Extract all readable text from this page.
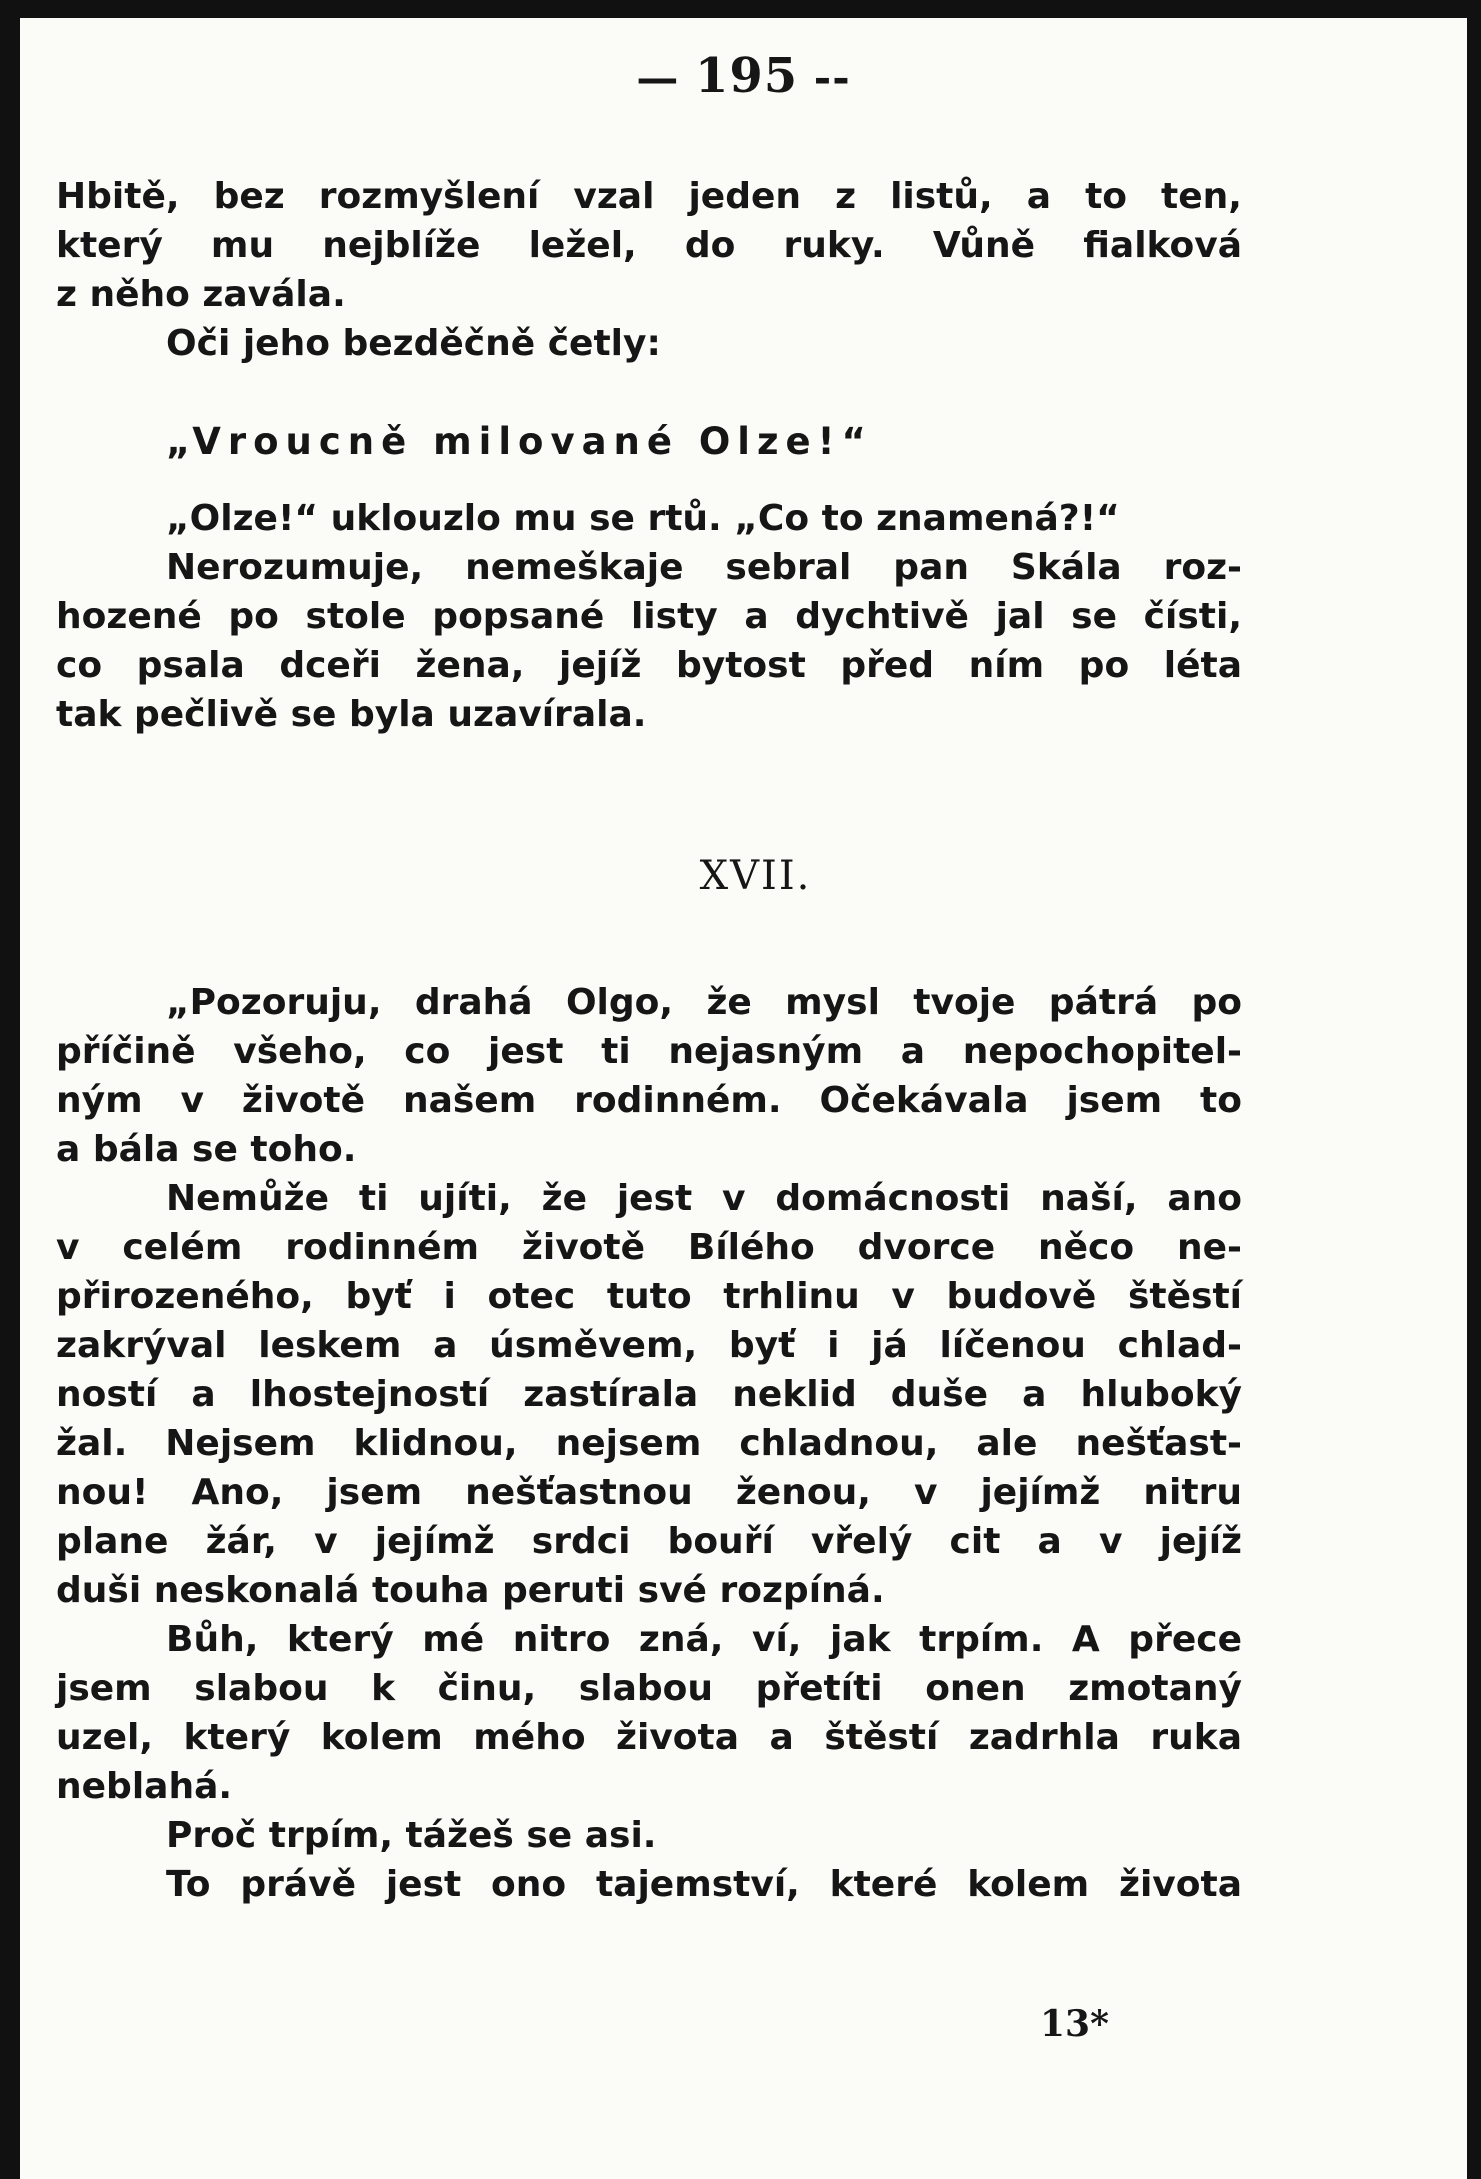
— 195 --
Hbitě, bez rozmyšlení vzal jeden z listů, a to ten,
který mu nejblíže ležel, do ruky. Vůně fialková
z něho zavála.
Oči jeho bezděčně četly:
„Vroucně milované Olze!“
„Olze!“ uklouzlo mu se rtů. „Co to znamená?!“
Nerozumuje, nemeškaje sebral pan Skála roz-
hozené po stole popsané listy a dychtivě jal se čísti,
co psala dceři žena, jejíž bytost před ním po léta
tak pečlivě se byla uzavírala.
XVII.
„Pozoruju, drahá Olgo, že mysl tvoje pátrá po
příčině všeho, co jest ti nejasným a nepochopitel-
ným v životě našem rodinném. Očekávala jsem to
a bála se toho.
Nemůže ti ujíti, že jest v domácnosti naší, ano
v celém rodinném životě Bílého dvorce něco ne-
přirozeného, byť i otec tuto trhlinu v budově štěstí
zakrýval leskem a úsměvem, byť i já líčenou chlad-
ností a lhostejností zastírala neklid duše a hluboký
žal. Nejsem klidnou, nejsem chladnou, ale nešťast-
nou! Ano, jsem nešťastnou ženou, v jejímž nitru
plane žár, v jejímž srdci bouří vřelý cit a v jejíž
duši neskonalá touha peruti své rozpíná.
Bůh, který mé nitro zná, ví, jak trpím. A přece
jsem slabou k činu, slabou přetíti onen zmotaný
uzel, který kolem mého života a štěstí zadrhla ruka
neblahá.
Proč trpím, tážeš se asi.
To právě jest ono tajemství, které kolem života
13*
